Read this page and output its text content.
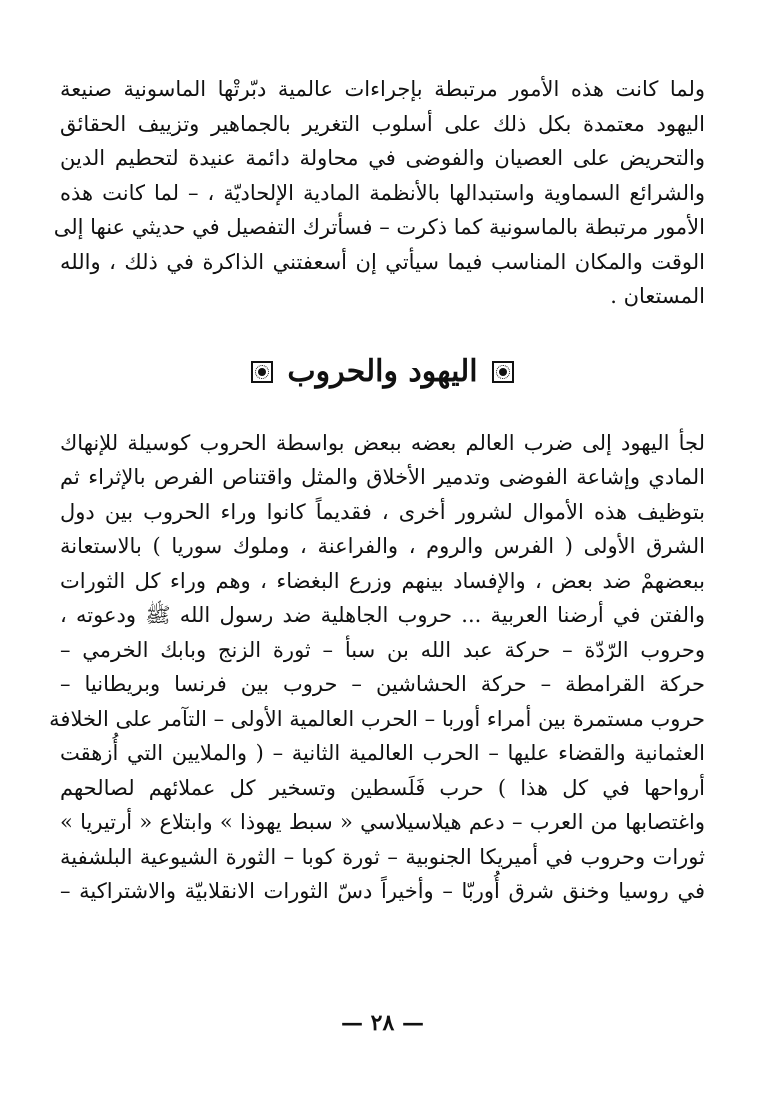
ولما كانت هذه الأمور مرتبطة بإجراءات عالمية دبّرتْها الماسونية صنيعة
اليهود معتمدة بكل ذلك على أسلوب التغرير بالجماهير وتزييف الحقائق
والتحريض على العصيان والفوضى في محاولة دائمة عنيدة لتحطيم الدين
والشرائع السماوية واستبدالها بالأنظمة المادية الإلحاديّة ، – لما كانت هذه
الأمور مرتبطة بالماسونية كما ذكرت – فسأترك التفصيل في حديثي عنها إلى
الوقت والمكان المناسب فيما سيأتي إن أسعفتني الذاكرة في ذلك ، والله
المستعان .
اليهود والحروب
لجأ اليهود إلى ضرب العالم بعضه ببعض بواسطة الحروب كوسيلة للإنهاك
المادي وإشاعة الفوضى وتدمير الأخلاق والمثل واقتناص الفرص بالإثراء ثم
بتوظيف هذه الأموال لشرور أخرى ، فقديماً كانوا وراء الحروب بين دول
الشرق الأولى ( الفرس والروم ، والفراعنة ، وملوك سوريا ) بالاستعانة
ببعضهمْ ضد بعض ، والإفساد بينهم وزرع البغضاء ، وهم وراء كل الثورات
والفتن في أرضنا العربية ... حروب الجاهلية ضد رسول الله ﷺ ودعوته ،
وحروب الرّدّة – حركة عبد الله بن سبأ – ثورة الزنج وبابك الخرمي –
حركة القرامطة – حركة الحشاشين – حروب بين فرنسا وبريطانيا –
حروب مستمرة بين أمراء أوربا – الحرب العالمية الأولى – التآمر على الخلافة
العثمانية والقضاء عليها – الحرب العالمية الثانية – ( والملايين التي أُزهقت
أرواحها في كل هذا ) حرب فَلَسطين وتسخير كل عملائهم لصالحهم
واغتصابها من العرب – دعم هيلاسيلاسي « سبط يهوذا » وابتلاع « أرتيريا »
ثورات وحروب في أميريكا الجنوبية – ثورة كوبا – الثورة الشيوعية البلشفية
في روسيا وخنق شرق أُوربّا – وأخيراً دسّ الثورات الانقلابيّة والاشتراكية –
— ٢٨ —
